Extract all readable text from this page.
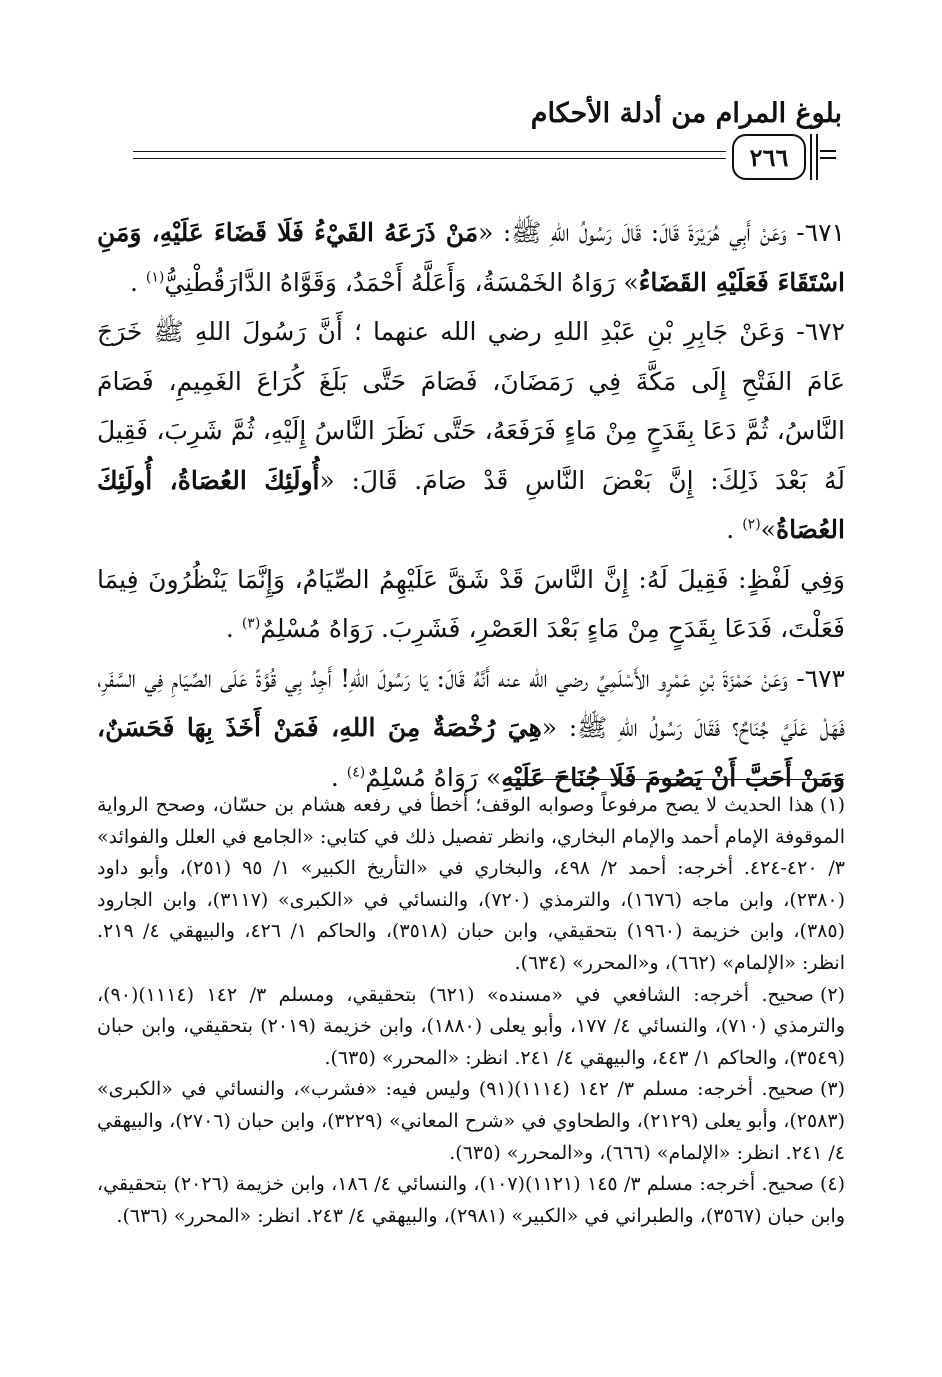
بلوغ المرام من أدلة الأحكام
٢٦٦

٦٧١- وَعَنْ أَبِي هُرَيْرَةَ قَالَ: قَالَ رَسُولُ اللهِ ﷺ: «مَنْ ذَرَعَهُ القَيْءُ فَلَا قَضَاءَ عَلَيْهِ، وَمَنِ اسْتَقَاءَ فَعَلَيْهِ القَضَاءُ» رَوَاهُ الخَمْسَةُ، وَأَعَلَّهُ أَحْمَدُ، وَقَوَّاهُ الدَّارَقُطْنِيُّ$^{(١)}$ .

٦٧٢- وَعَنْ جَابِرِ بْنِ عَبْدِ اللهِ رضي الله عنهما ؛ أَنَّ رَسُولَ اللهِ ﷺ خَرَجَ عَامَ الفَتْحِ إِلَى مَكَّةَ فِي رَمَضَانَ، فَصَامَ حَتَّى بَلَغَ كُرَاعَ الغَمِيمِ، فَصَامَ النَّاسُ، ثُمَّ دَعَا بِقَدَحٍ مِنْ مَاءٍ فَرَفَعَهُ، حَتَّى نَظَرَ النَّاسُ إِلَيْهِ، ثُمَّ شَرِبَ، فَقِيلَ لَهُ بَعْدَ ذَلِكَ: إِنَّ بَعْضَ النَّاسِ قَدْ صَامَ. قَالَ: «أُولَئِكَ العُصَاةُ، أُولَئِكَ العُصَاةُ»$^{(٢)}$ .

وَفِي لَفْظٍ: فَقِيلَ لَهُ: إِنَّ النَّاسَ قَدْ شَقَّ عَلَيْهِمُ الصِّيَامُ، وَإِنَّمَا يَنْظُرُونَ فِيمَا فَعَلْتَ، فَدَعَا بِقَدَحٍ مِنْ مَاءٍ بَعْدَ العَصْرِ، فَشَرِبَ. رَوَاهُ مُسْلِمٌ$^{(٣)}$ .

٦٧٣- وَعَنْ حَمْزَةَ بْنِ عَمْرٍو الأَسْلَمِيِّ رضي الله عنه أَنَّهُ قَالَ: يَا رَسُولَ اللهِ! أَجِدُ بِي قُوَّةً عَلَى الصِّيَامِ فِي السَّفَرِ، فَهَلْ عَلَيَّ جُنَاحٌ؟ فَقَالَ رَسُولُ اللهِ ﷺ: «هِيَ رُخْصَةٌ مِنَ اللهِ، فَمَنْ أَخَذَ بِهَا فَحَسَنٌ، وَمَنْ أَحَبَّ أَنْ يَصُومَ فَلَا جُنَاحَ عَلَيْهِ» رَوَاهُ مُسْلِمٌ$^{(٤)}$ .

(١)هذا الحديث لا يصح مرفوعاً وصوابه الوقف؛ أخطأ في رفعه هشام بن حسّان، وصحح الرواية الموقوفة الإمام أحمد والإمام البخاري، وانظر تفصيل ذلك في كتابي: «الجامع في العلل والفوائد» ٣/ ٤٢٠-٤٢٤. أخرجه: أحمد ٢/ ٤٩٨، والبخاري في «التأريخ الكبير» ١/ ٩٥ (٢٥١)، وأبو داود (٢٣٨٠)، وابن ماجه (١٦٧٦)، والترمذي (٧٢٠)، والنسائي في «الكبرى» (٣١١٧)، وابن الجارود (٣٨٥)، وابن خزيمة (١٩٦٠) بتحقيقي، وابن حبان (٣٥١٨)، والحاكم ١/ ٤٢٦، والبيهقي ٤/ ٢١٩. انظر: «الإلمام» (٦٦٢)، و«المحرر» (٦٣٤).

(٢)صحيح. أخرجه: الشافعي في «مسنده» (٦٢١) بتحقيقي، ومسلم ٣/ ١٤٢ (١١١٤)(٩٠)، والترمذي (٧١٠)، والنسائي ٤/ ١٧٧، وأبو يعلى (١٨٨٠)، وابن خزيمة (٢٠١٩) بتحقيقي، وابن حبان (٣٥٤٩)، والحاكم ١/ ٤٤٣، والبيهقي ٤/ ٢٤١. انظر: «المحرر» (٦٣٥).

(٣)صحيح. أخرجه: مسلم ٣/ ١٤٢ (١١١٤)(٩١) وليس فيه: «فشرب»، والنسائي في «الكبرى» (٢٥٨٣)، وأبو يعلى (٢١٢٩)، والطحاوي في «شرح المعاني» (٣٢٢٩)، وابن حبان (٢٧٠٦)، والبيهقي ٤/ ٢٤١. انظر: «الإلمام» (٦٦٦)، و«المحرر» (٦٣٥).

(٤)صحيح. أخرجه: مسلم ٣/ ١٤٥ (١١٢١)(١٠٧)، والنسائي ٤/ ١٨٦، وابن خزيمة (٢٠٢٦) بتحقيقي، وابن حبان (٣٥٦٧)، والطبراني في «الكبير» (٢٩٨١)، والبيهقي ٤/ ٢٤٣. انظر: «المحرر» (٦٣٦).
